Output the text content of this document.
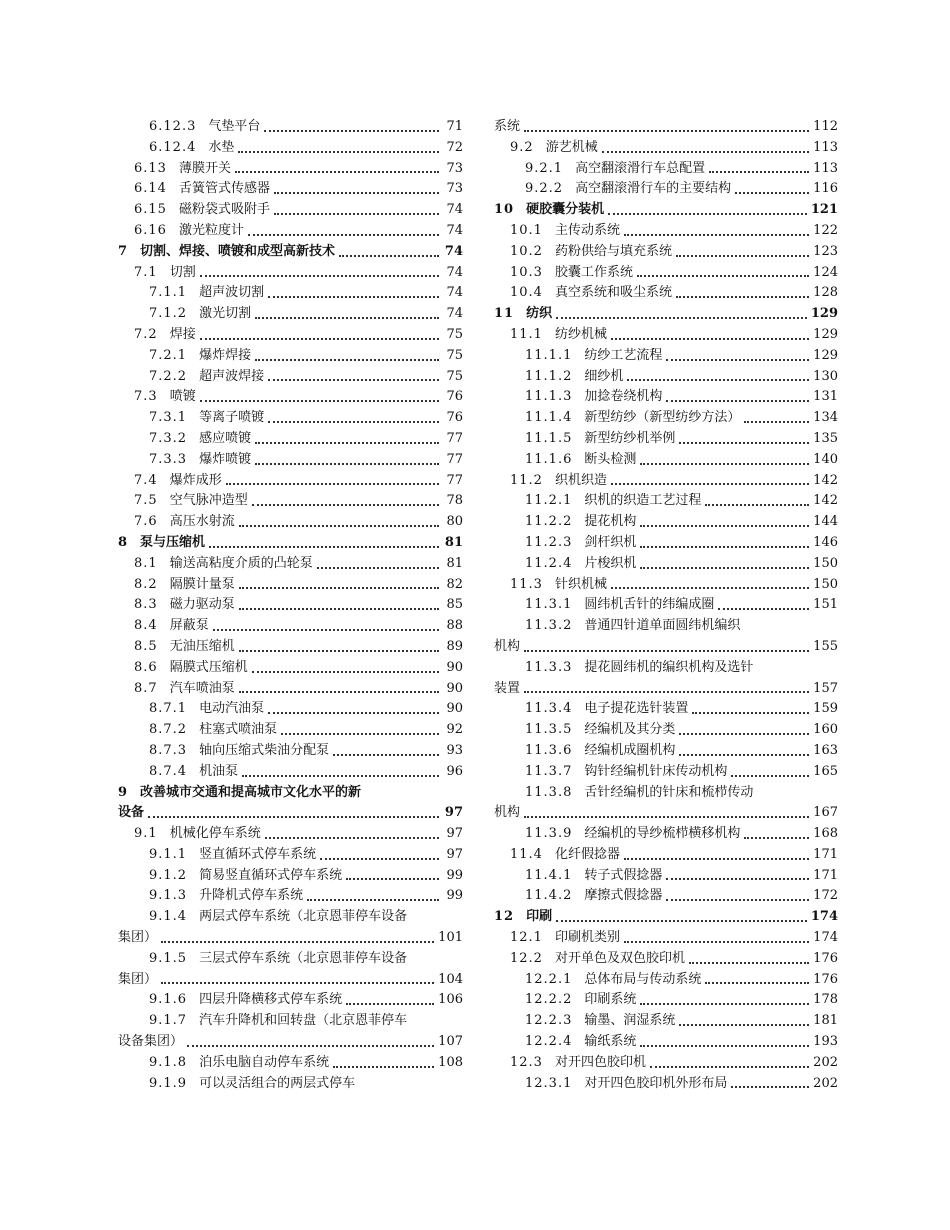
6.12.3 气垫平台	71
6.12.4 水垫	72
6.13 薄膜开关	73
6.14 舌簧管式传感器	73
6.15 磁粉袋式吸附手	74
6.16 激光粒度计	74
7 切割、焊接、喷镀和成型高新技术	74
7.1 切割	74
7.1.1 超声波切割	74
7.1.2 激光切割	74
7.2 焊接	75
7.2.1 爆炸焊接	75
7.2.2 超声波焊接	75
7.3 喷镀	76
7.3.1 等离子喷镀	76
7.3.2 感应喷镀	77
7.3.3 爆炸喷镀	77
7.4 爆炸成形	77
7.5 空气脉冲造型	78
7.6 高压水射流	80
8 泵与压缩机	81
8.1 输送高粘度介质的凸轮泵	81
8.2 隔膜计量泵	82
8.3 磁力驱动泵	85
8.4 屏蔽泵	88
8.5 无油压缩机	89
8.6 隔膜式压缩机	90
8.7 汽车喷油泵	90
8.7.1 电动汽油泵	90
8.7.2 柱塞式喷油泵	92
8.7.3 轴向压缩式柴油分配泵	93
8.7.4 机油泵	96
9 改善城市交通和提高城市文化水平的新
设备	97
9.1 机械化停车系统	97
9.1.1 竖直循环式停车系统	97
9.1.2 简易竖直循环式停车系统	99
9.1.3 升降机式停车系统	99
9.1.4 两层式停车系统（北京恩菲停车设备
集团）	101
9.1.5 三层式停车系统（北京恩菲停车设备
集团）	104
9.1.6 四层升降横移式停车系统	106
9.1.7 汽车升降机和回转盘（北京恩菲停车
设备集团）	107
9.1.8 泊乐电脑自动停车系统	108
9.1.9 可以灵活组合的两层式停车
系统	112
9.2 游艺机械	113
9.2.1 高空翻滚滑行车总配置	113
9.2.2 高空翻滚滑行车的主要结构	116
10 硬胶囊分装机	121
10.1 主传动系统	122
10.2 药粉供给与填充系统	123
10.3 胶囊工作系统	124
10.4 真空系统和吸尘系统	128
11 纺织	129
11.1 纺纱机械	129
11.1.1 纺纱工艺流程	129
11.1.2 细纱机	130
11.1.3 加捻卷绕机构	131
11.1.4 新型纺纱（新型纺纱方法）	134
11.1.5 新型纺纱机举例	135
11.1.6 断头检测	140
11.2 织机织造	142
11.2.1 织机的织造工艺过程	142
11.2.2 提花机构	144
11.2.3 剑杆织机	146
11.2.4 片梭织机	150
11.3 针织机械	150
11.3.1 圆纬机舌针的纬编成圈	151
11.3.2 普通四针道单面圆纬机编织
机构	155
11.3.3 提花圆纬机的编织机构及选针
装置	157
11.3.4 电子提花选针装置	159
11.3.5 经编机及其分类	160
11.3.6 经编机成圈机构	163
11.3.7 钩针经编机针床传动机构	165
11.3.8 舌针经编机的针床和梳栉传动
机构	167
11.3.9 经编机的导纱梳栉横移机构	168
11.4 化纤假捻器	171
11.4.1 转子式假捻器	171
11.4.2 摩擦式假捻器	172
12 印刷	174
12.1 印刷机类别	174
12.2 对开单色及双色胶印机	176
12.2.1 总体布局与传动系统	176
12.2.2 印刷系统	178
12.2.3 输墨、润湿系统	181
12.2.4 输纸系统	193
12.3 对开四色胶印机	202
12.3.1 对开四色胶印机外形布局	202
